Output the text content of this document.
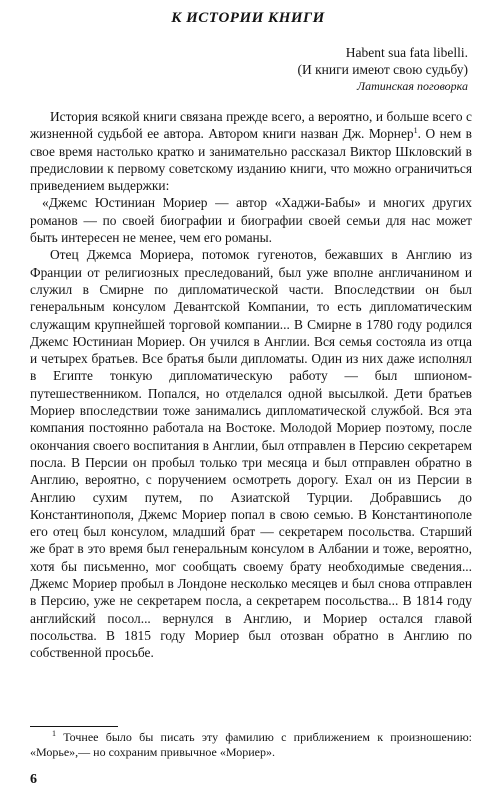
К ИСТОРИИ КНИГИ
Habent sua fata libelli.
(И книги имеют свою судьбу)
Латинская поговорка

История всякой книги связана прежде всего, а вероятно, и больше всего с жизненной судьбой ее автора. Автором книги назван Дж. Морнер$^1$. О нем в свое время настолько кратко и занимательно рассказал Виктор Шкловский в предисловии к первому советскому изданию книги, что можно ограничиться приведением выдержки:

«Джемс Юстиниан Мориер — автор «Хаджи-Бабы» и многих других романов — по своей биографии и биографии своей семьи для нас может быть интересен не менее, чем его романы.

Отец Джемса Мориера, потомок гугенотов, бежавших в Англию из Франции от религиозных преследований, был уже вполне англичанином и служил в Смирне по дипломатической части. Впоследствии он был генеральным консулом Девантской Компании, то есть дипломатическим служащим крупнейшей торговой компании... В Смирне в 1780 году родился Джемс Юстиниан Мориер. Он учился в Англии. Вся семья состояла из отца и четырех братьев. Все братья были дипломаты. Один из них даже исполнял в Египте тонкую дипломатическую работу — был шпионом-путешественником. Попался, но отделался одной высылкой. Дети братьев Мориер впоследствии тоже занимались дипломатической службой. Вся эта компания постоянно работала на Востоке. Молодой Мориер поэтому, после окончания своего воспитания в Англии, был отправлен в Персию секретарем посла. В Персии он пробыл только три месяца и был отправлен обратно в Англию, вероятно, с поручением осмотреть дорогу. Ехал он из Персии в Англию сухим путем, по Азиатской Турции. Добравшись до Константинополя, Джемс Мориер попал в свою семью. В Константинополе его отец был консулом, младший брат — секретарем посольства. Старший же брат в это время был генеральным консулом в Албании и тоже, вероятно, хотя бы письменно, мог сообщать своему брату необходимые сведения... Джемс Мориер пробыл в Лондоне несколько месяцев и был снова отправлен в Персию, уже не секретарем посла, а секретарем посольства... В 1814 году английский посол... вернулся в Англию, и Мориер остался главой посольства. В 1815 году Мориер был отозван обратно в Англию по собственной просьбе.

$^1$ Точнее было бы писать эту фамилию с приближением к произношению: «Морье»,— но сохраним привычное «Мориер».

6
